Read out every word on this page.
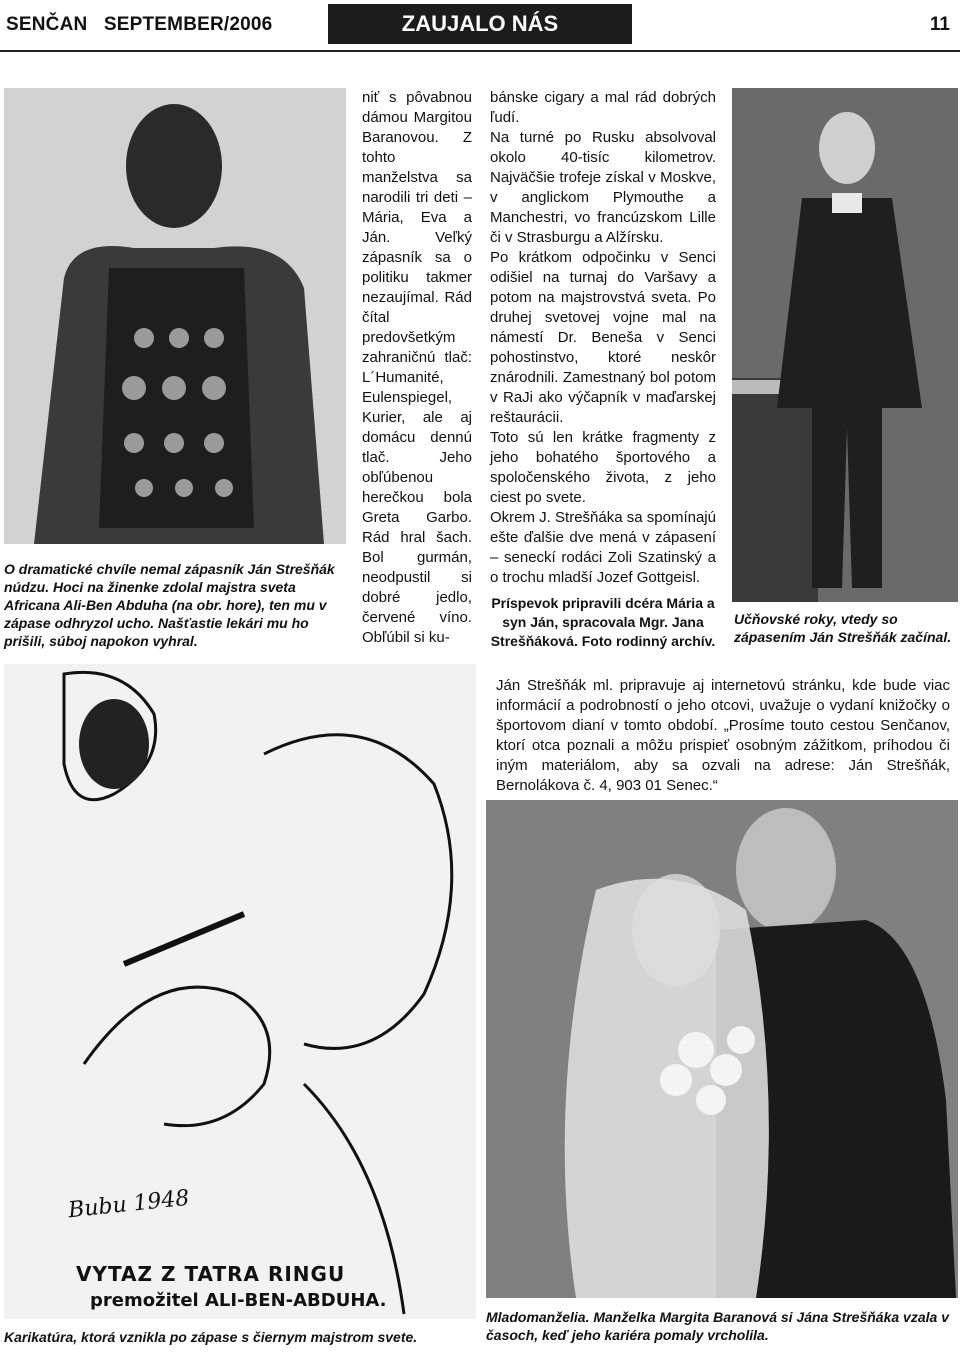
SENČAN   SEPTEMBER/2006	ZAUJALO NÁS	11
O dramatické chvíle nemal zápasník Ján Strešňák núdzu. Hoci na žinenke zdolal majstra sveta Africana Ali-Ben Abduha (na obr. hore), ten mu v zápase odhryzol ucho. Našťastie lekári mu ho prišili, súboj napokon vyhral.
niť s pôvabnou dámou Margitou Baranovou. Z tohto manželstva sa narodili tri deti – Mária, Eva a Ján. Veľký zápasník sa o politiku takmer nezaujímal. Rád čítal predovšetkým zahraničnú tlač: L´Humanité, Eulenspiegel, Kurier, ale aj domácu dennú tlač. Jeho obľúbenou herečkou bola Greta Garbo. Rád hral šach. Bol gurmán, neodpustil si dobré jedlo, červené víno. Obľúbil si ku-

bánske cigary a mal rád dobrých ľudí.

Na turné po Rusku absolvoval okolo 40-tisíc kilometrov. Najväčšie trofeje získal v Moskve, v anglickom Plymouthe a Manchestri, vo francúzskom Lille či v Strasburgu a Alžírsku.

Po krátkom odpočinku v Senci odišiel na turnaj do Varšavy a potom na majstrovstvá sveta. Po druhej svetovej vojne mal na námestí Dr. Beneša v Senci pohostinstvo, ktoré neskôr znárodnili. Zamestnaný bol potom v RaJi ako výčapník v maďarskej reštaurácii.

Toto sú len krátke fragmenty z jeho bohatého športového a spoločenského života, z jeho ciest po svete.

Okrem J. Strešňáka sa spomínajú ešte ďalšie dve mená v zápasení – seneckí rodáci Zoli Szatinský a o trochu mladší Jozef Gottgeisl.

Príspevok pripravili dcéra Mária a syn Ján, spracovala Mgr. Jana Strešňáková. Foto rodinný archív.
Učňovské roky, vtedy so zápasením Ján Strešňák začínal.
Bubu 1948
VYTAZ Z TATRA RINGU
premožitel ALI-BEN-ABDUHA.
Karikatúra, ktorá vznikla po zápase s čiernym majstrom svete.
Ján Strešňák ml. pripravuje aj internetovú stránku, kde bude viac informácií a podrobností o jeho otcovi, uvažuje o vydaní knižočky o športovom dianí v tomto období. „Prosíme touto cestou Senčanov, ktorí otca poznali a môžu prispieť osobným zážitkom, príhodou či iným materiálom, aby sa ozvali na adrese: Ján Strešňák, Bernolákova č. 4, 903 01 Senec.“
Mladomanželia. Manželka Margita Baranová si Jána Strešňáka vzala v časoch, keď jeho kariéra pomaly vrcholila.
